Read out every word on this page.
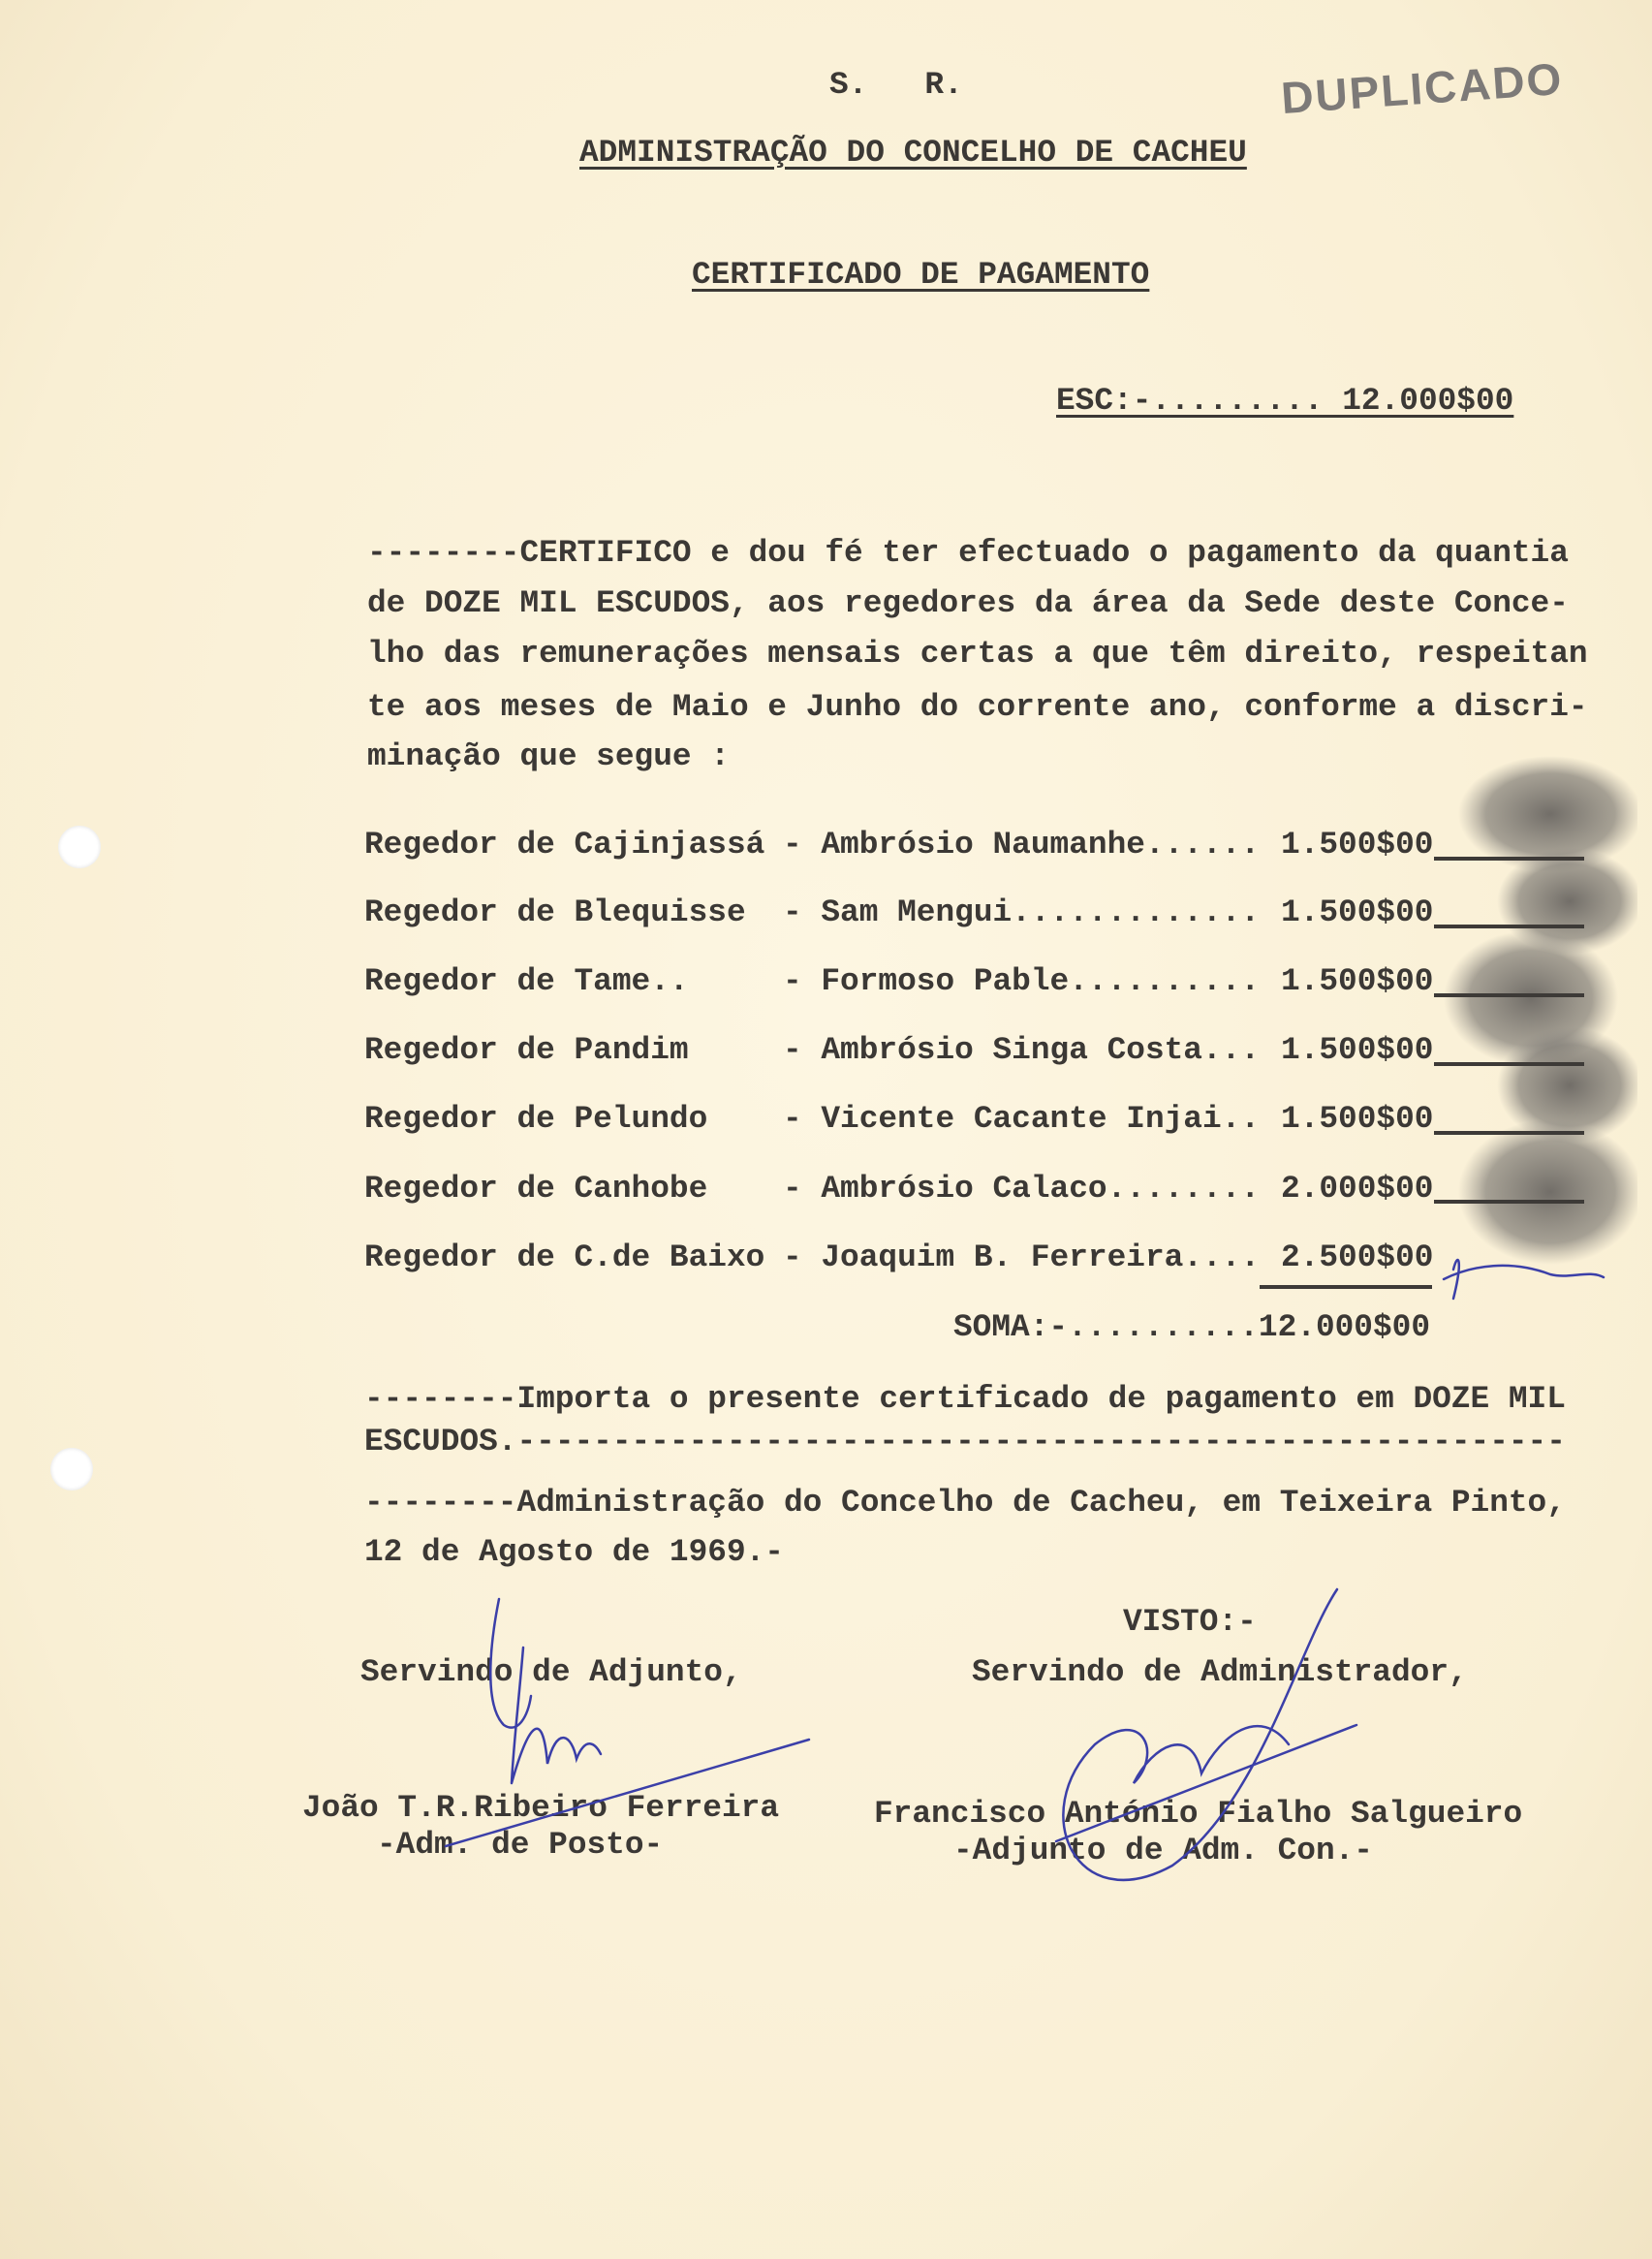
S.   R.	DUPLICADO
ADMINISTRAÇÃO DO CONCELHO DE CACHEU
CERTIFICADO DE PAGAMENTO
ESC:-......... 12.000$00
--------CERTIFICO e dou fé ter efectuado o pagamento da quantia
de DOZE MIL ESCUDOS, aos regedores da área da Sede deste Conce-
lho das remunerações mensais certas a que têm direito, respeitan
te aos meses de Maio e Junho do corrente ano, conforme a discri-
minação que segue :
Regedor de Cajinjassá - Ambrósio Naumanhe...... 1.500$00
Regedor de Blequisse - Sam Mengui............. 1.500$00
Regedor de Tame..	- Formoso Pable.......... 1.500$00
Regedor de Pandim	- Ambrósio Singa Costa... 1.500$00
Regedor de Pelundo - Vicente Cacante Injai.. 1.500$00
Regedor de Canhobe - Ambrósio Calaco........ 2.000$00
Regedor de C.de Baixo - Joaquim B. Ferreira.... 2.500$00
SOMA:-..........12.000$00
--------Importa o presente certificado de pagamento em DOZE MIL
ESCUDOS.-------------------------------------------------------
--------Administração do Concelho de Cacheu, em Teixeira Pinto,
12 de Agosto de 1969.-
VISTO:-
Servindo de Adjunto,	Servindo de Administrador,
João T.R.Ribeiro Ferreira
-Adm. de Posto-
Francisco António Fialho Salgueiro
-Adjunto de Adm. Con.-
